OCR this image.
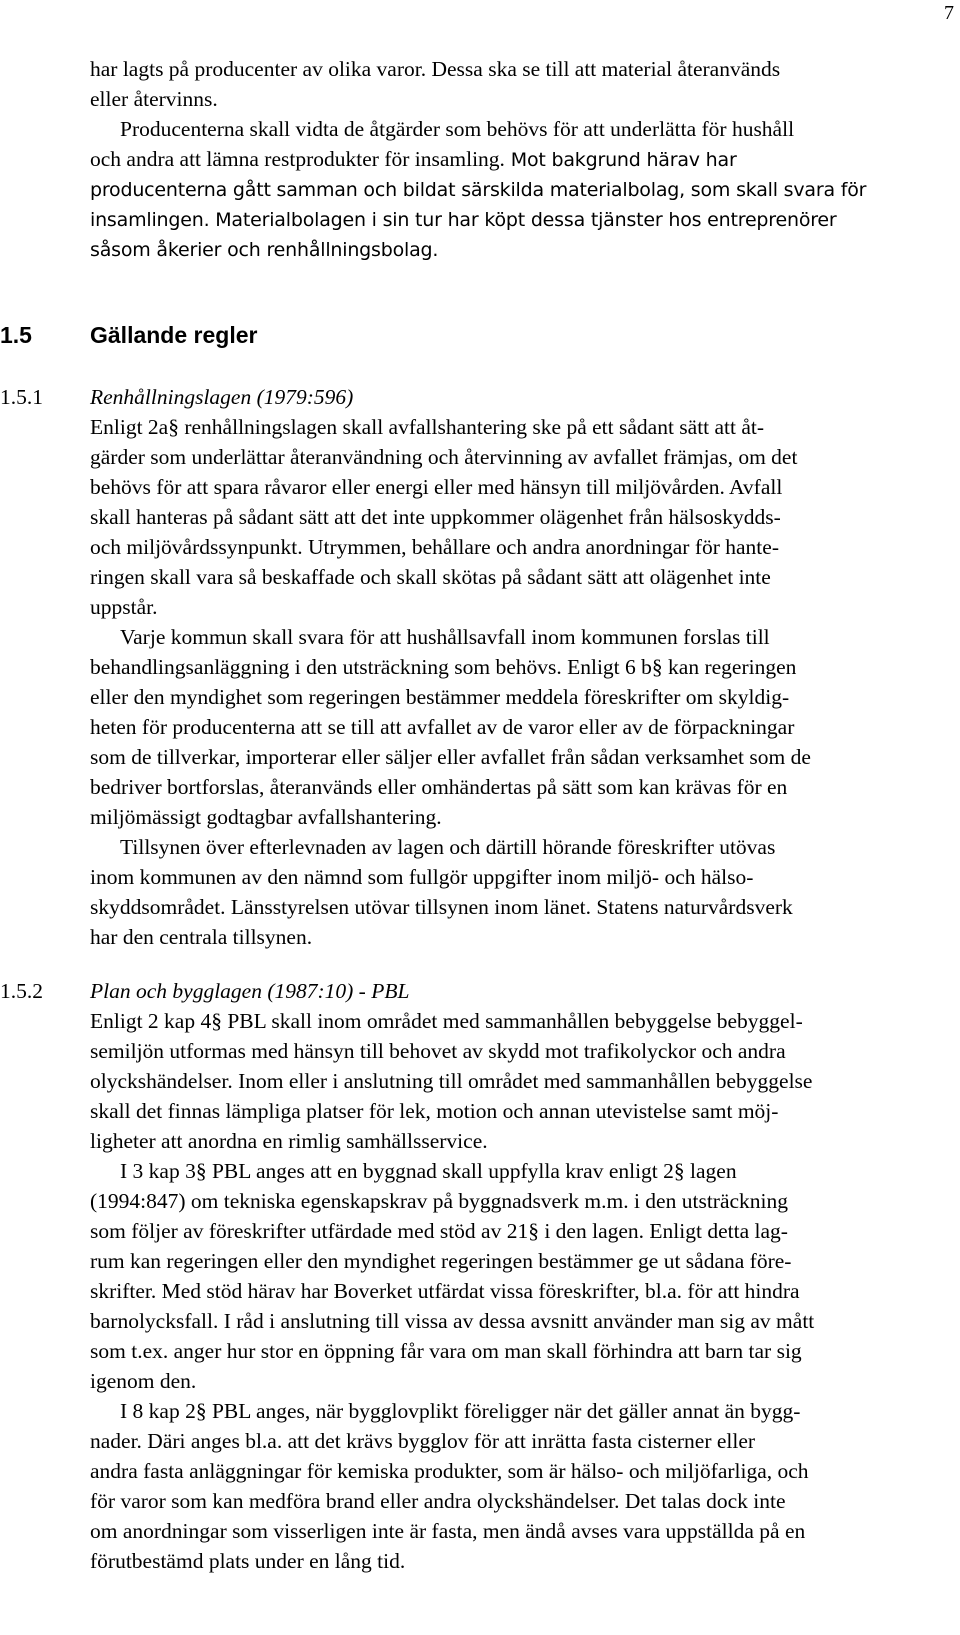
7
har lagts på producenter av olika varor. Dessa ska se till att material återanvänds
eller återvinns.
Producenterna skall vidta de åtgärder som behövs för att underlätta för hushåll
och andra att lämna restprodukter för insamling. Mot bakgrund härav har
producenterna gått samman och bildat särskilda materialbolag, som skall svara för
insamlingen. Materialbolagen i sin tur har köpt dessa tjänster hos entreprenörer
såsom åkerier och renhållningsbolag.
1.5	Gällande regler
1.5.1 Renhållningslagen (1979:596)
Enligt 2a§ renhållningslagen skall avfallshantering ske på ett sådant sätt att åt-
gärder som underlättar återanvändning och återvinning av avfallet främjas, om det
behövs för att spara råvaror eller energi eller med hänsyn till miljövården. Avfall
skall hanteras på sådant sätt att det inte uppkommer olägenhet från hälsoskydds-
och miljövårdssynpunkt. Utrymmen, behållare och andra anordningar för hante-
ringen skall vara så beskaffade och skall skötas på sådant sätt att olägenhet inte
uppstår.
Varje kommun skall svara för att hushållsavfall inom kommunen forslas till
behandlingsanläggning i den utsträckning som behövs. Enligt 6 b§ kan regeringen
eller den myndighet som regeringen bestämmer meddela föreskrifter om skyldig-
heten för producenterna att se till att avfallet av de varor eller av de förpackningar
som de tillverkar, importerar eller säljer eller avfallet från sådan verksamhet som de
bedriver bortforslas, återanvänds eller omhändertas på sätt som kan krävas för en
miljömässigt godtagbar avfallshantering.
Tillsynen över efterlevnaden av lagen och därtill hörande föreskrifter utövas
inom kommunen av den nämnd som fullgör uppgifter inom miljö- och hälso-
skyddsområdet. Länsstyrelsen utövar tillsynen inom länet. Statens naturvårdsverk
har den centrala tillsynen.
1.5.2 Plan och bygglagen (1987:10) - PBL
Enligt 2 kap 4§ PBL skall inom området med sammanhållen bebyggelse bebyggel-
semiljön utformas med hänsyn till behovet av skydd mot trafikolyckor och andra
olyckshändelser. Inom eller i anslutning till området med sammanhållen bebyggelse
skall det finnas lämpliga platser för lek, motion och annan utevistelse samt möj-
ligheter att anordna en rimlig samhällsservice.
I 3 kap 3§ PBL anges att en byggnad skall uppfylla krav enligt 2§ lagen
(1994:847) om tekniska egenskapskrav på byggnadsverk m.m. i den utsträckning
som följer av föreskrifter utfärdade med stöd av 21§ i den lagen. Enligt detta lag-
rum kan regeringen eller den myndighet regeringen bestämmer ge ut sådana före-
skrifter. Med stöd härav har Boverket utfärdat vissa föreskrifter, bl.a. för att hindra
barnolycksfall. I råd i anslutning till vissa av dessa avsnitt använder man sig av mått
som t.ex. anger hur stor en öppning får vara om man skall förhindra att barn tar sig
igenom den.
I 8 kap 2§ PBL anges, när bygglovplikt föreligger när det gäller annat än bygg-
nader. Däri anges bl.a. att det krävs bygglov för att inrätta fasta cisterner eller
andra fasta anläggningar för kemiska produkter, som är hälso- och miljöfarliga, och
för varor som kan medföra brand eller andra olyckshändelser. Det talas dock inte
om anordningar som visserligen inte är fasta, men ändå avses vara uppställda på en
förutbestämd plats under en lång tid.
